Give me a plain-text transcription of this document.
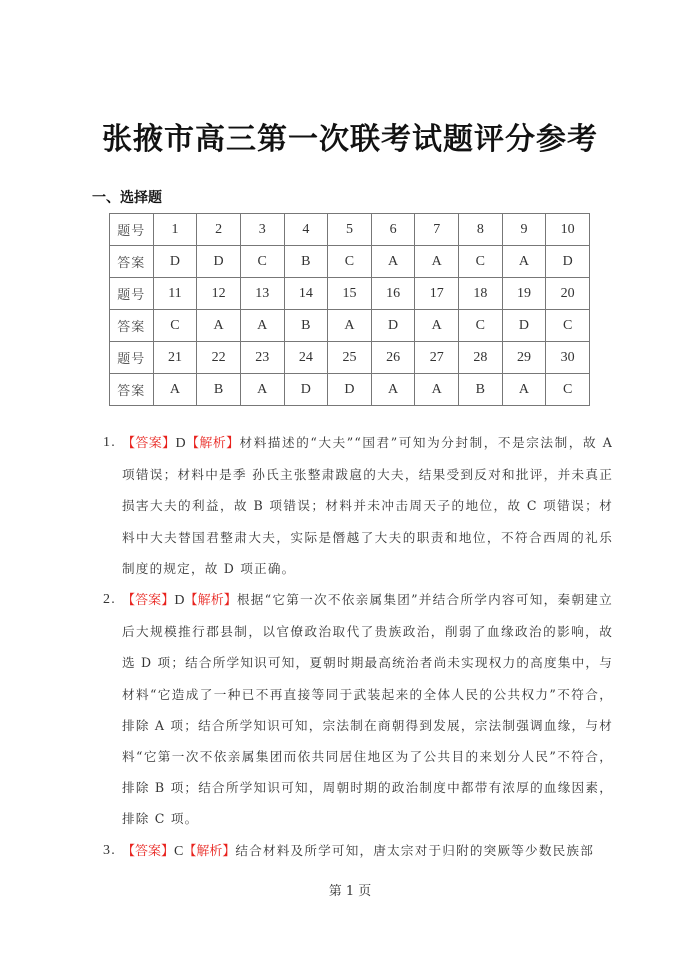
张掖市高三第一次联考试题评分参考
一、选择题
题号	1	2	3	4	5	6	7	8	9	10
答案	D	D	C	B	C	A	A	C	A	D
题号	11	12	13	14	15	16	17	18	19	20
答案	C	A	A	B	A	D	A	C	D	C
题号	21	22	23	24	25	26	27	28	29	30
答案	A	B	A	D	D	A	A	B	A	C
1. 【答案】D【解析】材料描述的“大夫”“国君”可知为分封制，不是宗法制，故 A 项错误；材料中是季 孙氏主张整肃跋扈的大夫，结果受到反对和批评，并未真正损害大夫的利益，故 B 项错误；材料并未冲击周天子的地位，故 C 项错误；材料中大夫替国君整肃大夫，实际是僭越了大夫的职责和地位，不符合西周的礼乐制度的规定，故 D 项正确。
2. 【答案】D【解析】根据“它第一次不依亲属集团”并结合所学内容可知，秦朝建立后大规模推行郡县制，以官僚政治取代了贵族政治，削弱了血缘政治的影响，故选 D 项；结合所学知识可知，夏朝时期最高统治者尚未实现权力的高度集中，与材料“它造成了一种已不再直接等同于武装起来的全体人民的公共权力”不符合，排除 A 项；结合所学知识可知，宗法制在商朝得到发展，宗法制强调血缘，与材料“它第一次不依亲属集团而依共同居住地区为了公共目的来划分人民”不符合，排除 B 项；结合所学知识可知，周朝时期的政治制度中都带有浓厚的血缘因素，排除 C 项。
3. 【答案】C【解析】结合材料及所学可知，唐太宗对于归附的突厥等少数民族部
第 1 页
